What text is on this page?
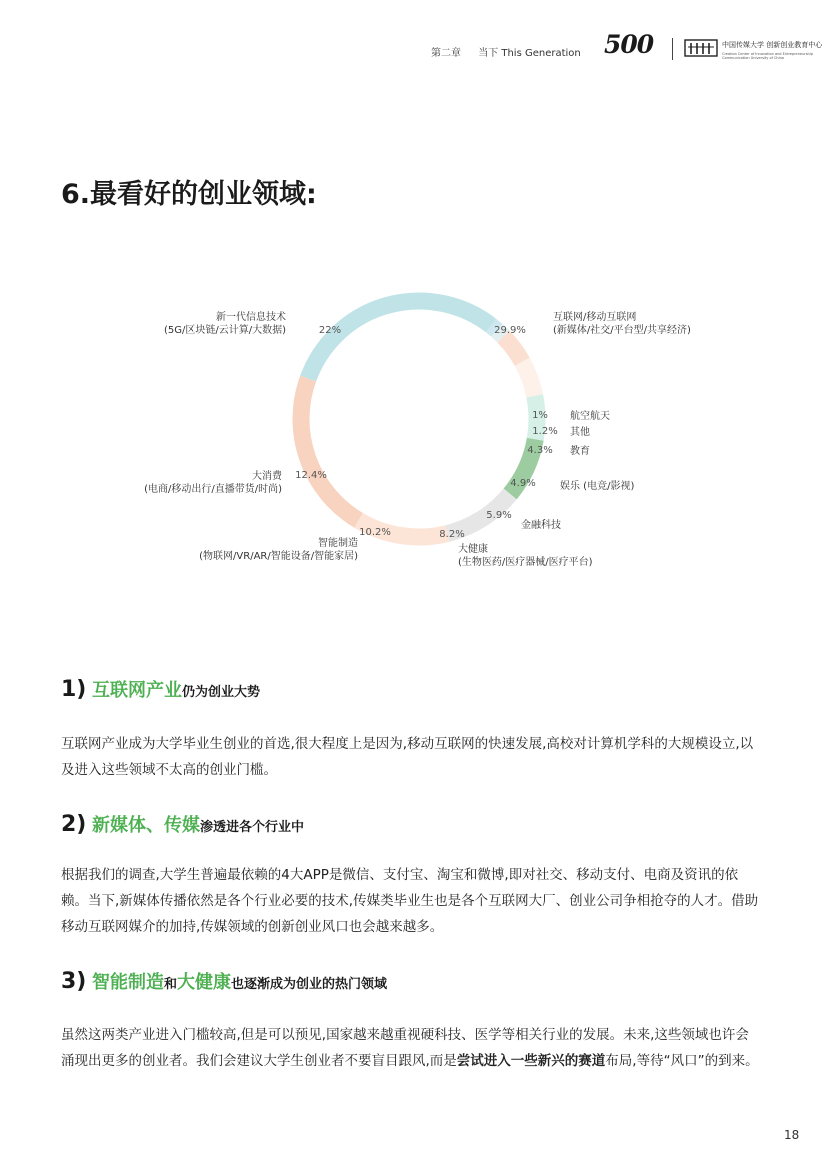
第二章 当下 This Generation 500	中国传媒大学 创新创业教育中心
Creation Center of Innovation and Entrepreneurship
Communication University of China
6.最看好的创业领域:
29.9%
互联网/移动互联网
(新媒体/社交/平台型/共享经济)
1% 航空航天
1.2% 其他
4.3% 教育
4.9% 娱乐 (电竞/影视)
5.9%
金融科技
8.2%
大健康
(生物医药/医疗器械/医疗平台)
10.2%
智能制造
(物联网/VR/AR/智能设备/智能家居)
12.4%
大消费
(电商/移动出行/直播带货/时尚)
22%
新一代信息技术
(5G/区块链/云计算/大数据)
1) 互联网产业仍为创业大势
互联网产业成为大学毕业生创业的首选,很大程度上是因为,移动互联网的快速发展,高校对计算机学科的大规模设立,以及进入这些领域不太高的创业门槛。
2) 新媒体、传媒渗透进各个行业中
根据我们的调查,大学生普遍最依赖的4大APP是微信、支付宝、淘宝和微博,即对社交、移动支付、电商及资讯的依赖。当下,新媒体传播依然是各个行业必要的技术,传媒类毕业生也是各个互联网大厂、创业公司争相抢夺的人才。借助移动互联网媒介的加持,传媒领域的创新创业风口也会越来越多。
3) 智能制造和大健康也逐渐成为创业的热门领域
虽然这两类产业进入门槛较高,但是可以预见,国家越来越重视硬科技、医学等相关行业的发展。未来,这些领域也许会涌现出更多的创业者。我们会建议大学生创业者不要盲目跟风,而是尝试进入一些新兴的赛道布局,等待“风口”的到来。
18
